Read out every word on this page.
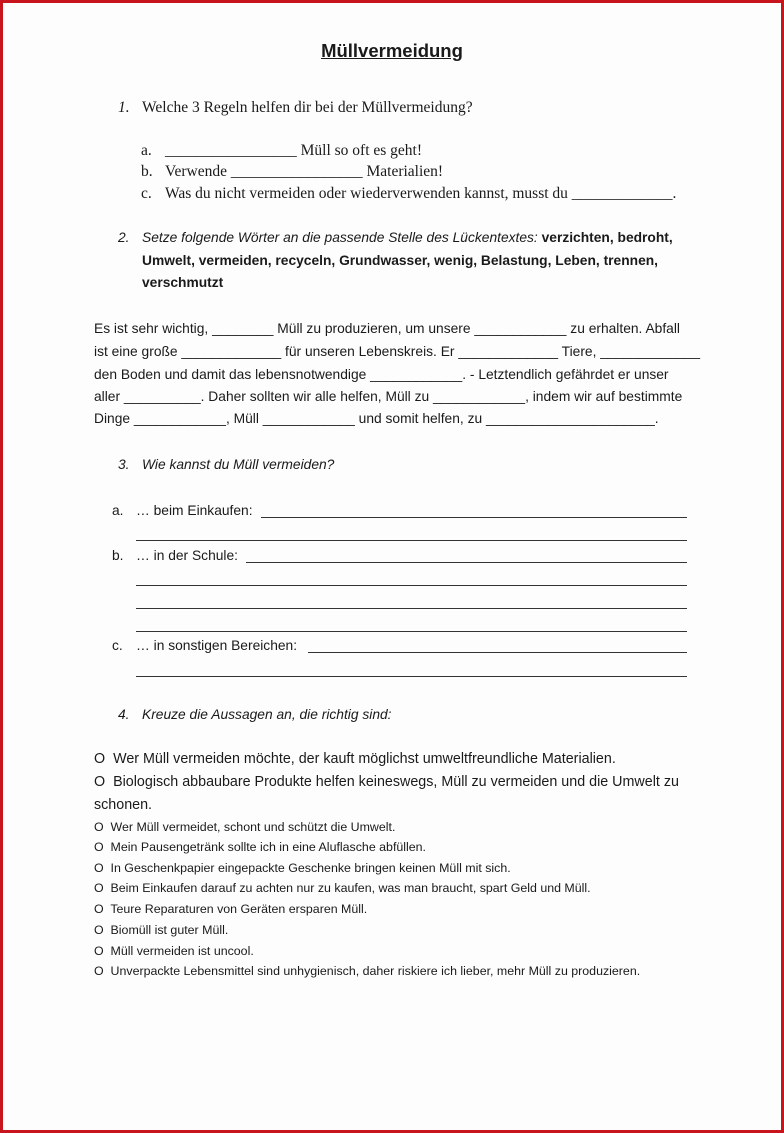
Müllvermeidung
1. Welche 3 Regeln helfen dir bei der Müllvermeidung?
a. _________________ Müll so oft es geht!
b. Verwende _________________ Materialien!
c. Was du nicht vermeiden oder wiederverwenden kannst, musst du _____________.
2. Setze folgende Wörter an die passende Stelle des Lückentextes: verzichten, bedroht,
Umwelt, vermeiden, recyceln, Grundwasser, wenig, Belastung, Leben, trennen,
verschmutzt
Es ist sehr wichtig, ________ Müll zu produzieren, um unsere ____________ zu erhalten. Abfall
ist eine große _____________ für unseren Lebenskreis. Er _____________ Tiere, _____________
den Boden und damit das lebensnotwendige ____________. - Letztendlich gefährdet er unser
aller __________. Daher sollten wir alle helfen, Müll zu ____________, indem wir auf bestimmte
Dinge ____________, Müll ____________ und somit helfen, zu ______________________.
3. Wie kannst du Müll vermeiden?
a. … beim Einkaufen:
b. … in der Schule:
c. … in sonstigen Bereichen:
4. Kreuze die Aussagen an, die richtig sind:
O Wer Müll vermeiden möchte, der kauft möglichst umweltfreundliche Materialien.
O Biologisch abbaubare Produkte helfen keineswegs, Müll zu vermeiden und die Umwelt zu
schonen.
O Wer Müll vermeidet, schont und schützt die Umwelt.
O  Mein Pausengetränk sollte ich in eine Aluflasche abfüllen.
O In Geschenkpapier eingepackte Geschenke bringen keinen Müll mit sich.
O Beim Einkaufen darauf zu achten nur zu kaufen, was man braucht, spart Geld und Müll.
O Teure Reparaturen von Geräten ersparen Müll.
O Biomüll ist guter Müll.
O Müll vermeiden ist uncool.
O Unverpackte Lebensmittel sind unhygienisch, daher riskiere ich lieber, mehr Müll zu produzieren.
